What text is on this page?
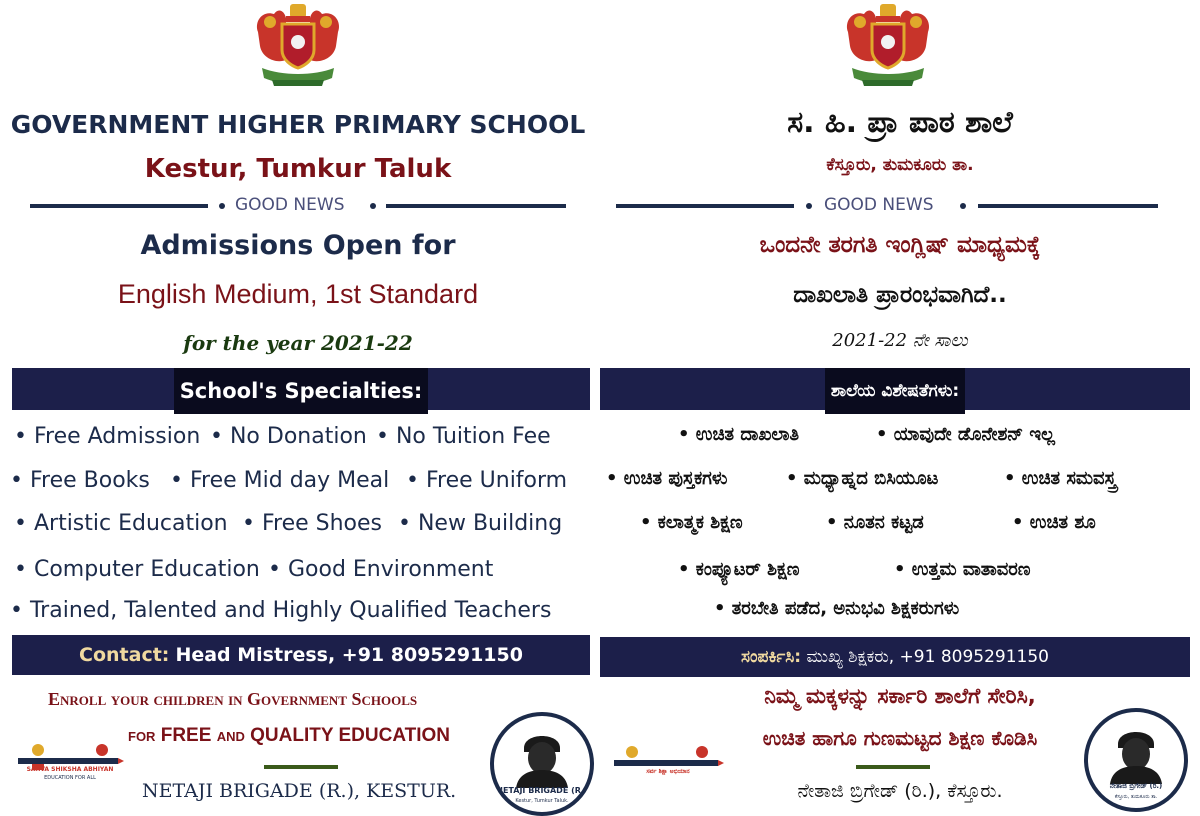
GOVERNMENT HIGHER PRIMARY SCHOOL
Kestur, Tumkur Taluk
GOOD NEWS
Admissions Open for
English Medium, 1st Standard
for the year 2021-22
School's Specialties:
• Free Admission • No Donation • No Tuition Fee
• Free Books • Free Mid day Meal • Free Uniform
• Artistic Education • Free Shoes • New Building
• Computer Education • Good Environment
• Trained, Talented and Highly Qualified Teachers
Contact: Head Mistress, +91 8095291150
Enroll your children in Government Schools
for FREE and QUALITY EDUCATION
NETAJI BRIGADE (R.), KESTUR.
SARVA SHIKSHA ABHIYAN
EDUCATION FOR ALL
NETAJI BRIGADE (R.)
Kestur, Tumkur Taluk.
ಸ. ಹಿ. ಪ್ರಾ ಪಾಠ ಶಾಲೆ
ಕೆಸ್ತೂರು, ತುಮಕೂರು ತಾ.
GOOD NEWS
ಒಂದನೇ ತರಗತಿ ಇಂಗ್ಲಿಷ್ ಮಾಧ್ಯಮಕ್ಕೆ
ದಾಖಲಾತಿ ಪ್ರಾರಂಭವಾಗಿದೆ..
2021-22 ನೇ ಸಾಲು
ಶಾಲೆಯ ವಿಶೇಷತೆಗಳು:
• ಉಚಿತ ದಾಖಲಾತಿ	• ಯಾವುದೇ ಡೊನೇಶನ್ ಇಲ್ಲ
• ಉಚಿತ ಪುಸ್ತಕಗಳು	• ಮಧ್ಯಾಹ್ನದ ಬಿಸಿಯೂಟ	• ಉಚಿತ ಸಮವಸ್ತ್ರ
• ಕಲಾತ್ಮಕ ಶಿಕ್ಷಣ	• ನೂತನ ಕಟ್ಟಡ	• ಉಚಿತ ಶೂ
• ಕಂಪ್ಯೂಟರ್ ಶಿಕ್ಷಣ	• ಉತ್ತಮ ವಾತಾವರಣ
• ತರಬೇತಿ ಪಡೆದ, ಅನುಭವಿ ಶಿಕ್ಷಕರುಗಳು
ಸಂಪರ್ಕಿಸಿ: ಮುಖ್ಯ ಶಿಕ್ಷಕರು, +91 8095291150
ನಿಮ್ಮ ಮಕ್ಕಳನ್ನು ಸರ್ಕಾರಿ ಶಾಲೆಗೆ ಸೇರಿಸಿ,
ಉಚಿತ ಹಾಗೂ ಗುಣಮಟ್ಟದ ಶಿಕ್ಷಣ ಕೊಡಿಸಿ
ನೇತಾಜಿ ಬ್ರಿಗೇಡ್ (ರಿ.), ಕೆಸ್ತೂರು.
ಸರ್ವ ಶಿಕ್ಷಾ ಅಭಿಯಾನ
ನೇತಾಜಿ ಬ್ರಿಗೇಡ್ (ರಿ.)
ಕೆಸ್ತೂರು, ತುಮಕೂರು ತಾ.
